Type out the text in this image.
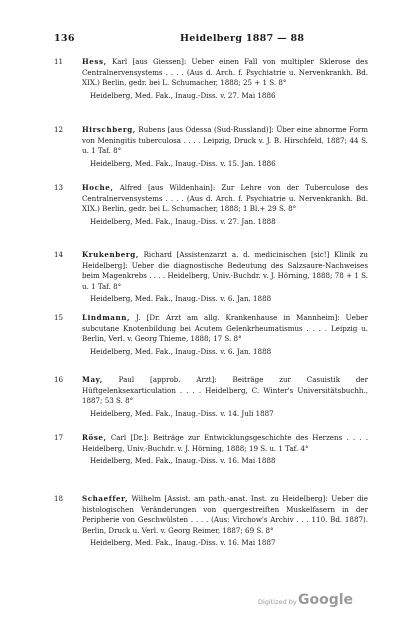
136	Heidelberg 1887 — 88
11	Hess, Karl [aus Giessen]: Ueber einen Fall von multipler Sklerose des Centralnervensystems . . . . (Aus d. Arch. f. Psychiatrie u. Nervenkrankh. Bd. XIX.) Berlin, gedr. bei L. Schumacher, 1888; 25 + 1 S. 8°
Heidelberg, Med. Fak., Inaug.-Diss. v. 27. Mai 1886
12	Hirschberg, Rubens [aus Odessa (Sud-Russland)]: Über eine abnorme Form von Meningitis tuberculosa . . . . Leipzig, Druck v. J. B. Hirschfeld, 1887; 44 S. u. 1 Taf. 8°
Heidelberg, Med. Fak., Inaug.-Diss. v. 15. Jan. 1886
13	Hoche, Alfred [aus Wildenhain]: Zur Lehre von der Tuberculose des Centralnervensystems . . . . (Aus d. Arch. f. Psychiatrie u. Nervenkrankh. Bd. XIX.) Berlin, gedr. bei L. Schumacher, 1888; 1 Bl.+ 29 S. 8°
Heidelberg, Med. Fak., Inaug.-Diss. v. 27. Jan. 1888
14	Krukenberg, Richard [Assistenzarzt a. d. medicinischen [sic!] Klinik zu Heidelberg]: Ueber die diagnostische Bedeutung des Salzsaure-Nachweises beim Magenkrebs . . . . Heidelberg, Univ.-Buchdr. v. J. Hörning, 1888; 78 + 1 S. u. 1 Taf. 8°
Heidelberg, Med. Fak., Inaug.-Diss. v. 6. Jan. 1888
15	Lindmann, J. [Dr. Arzt am allg. Krankenhause in Mannheim]: Ueber subcutane Knotenbildung bei Acutem Gelenkrheumatismus . . . . Leipzig u. Berlin, Verl. v. Georg Thieme, 1888; 17 S. 8°
Heidelberg, Med. Fak., Inaug.-Diss. v. 6. Jan. 1888
16	May, Paul [approb. Arzt]: Beiträge zur Casuistik der Hüftgelenksexarticulation . . . . Heidelberg, C. Winter's Universitätsbuchh., 1887; 53 S. 8°
Heidelberg, Med. Fak., Inaug.-Diss. v. 14. Juli 1887
17	Röse, Carl [Dr.]: Beiträge zur Entwicklungsgeschichte des Herzens . . . . Heidelberg, Univ.-Buchdr. v. J. Hörning, 1888; 19 S. u. 1 Taf. 4°
Heidelberg, Med. Fak., Inaug.-Diss. v. 16. Mai 1888
18	Schaeffer, Wilhelm [Assist. am path.-anat. Inst. zu Heidelberg]: Ueber die histologischen Veränderungen von quergestreiften Muskelfasern in der Peripherie von Geschwülsten . . . . (Aus: Virchow's Archiv . . . 110. Bd. 1887). Berlin, Druck u. Verl. v. Georg Reimer, 1887; 69 S. 8°
Heidelberg, Med. Fak., Inaug.-Diss. v. 16. Mai 1887
Digitized by Google
